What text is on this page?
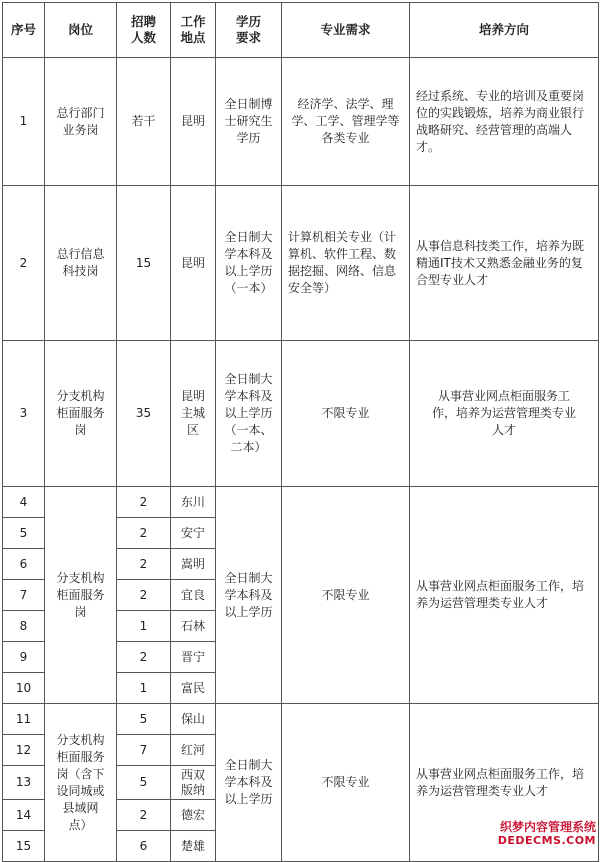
序号	岗位	招聘人数	工作地点	学历要求	专业需求	培养方向
1	总行部门业务岗	若干	昆明	全日制博士研究生学历	经济学、法学、理学、工学、管理学等各类专业	经过系统、专业的培训及重要岗位的实践锻炼，培养为商业银行战略研究、经营管理的高端人才。
2	总行信息科技岗	15	昆明	全日制大学本科及以上学历（一本）	计算机相关专业（计算机、软件工程、数据挖掘、网络、信息安全等）	从事信息科技类工作，培养为既精通IT技术又熟悉金融业务的复合型专业人才
3	分支机构柜面服务岗	35	昆明主城区	全日制大学本科及以上学历（一本、二本）	不限专业	从事营业网点柜面服务工作，培养为运营管理类专业人才
4	分支机构柜面服务岗	2	东川	全日制大学本科及以上学历	不限专业	从事营业网点柜面服务工作，培养为运营管理类专业人才
5		2	安宁			
6		2	嵩明			
7		2	宜良			
8		1	石林			
9		2	晋宁			
10		1	富民			
11	分支机构柜面服务岗（含下设同城或县域网点）	5	保山	全日制大学本科及以上学历	不限专业	从事营业网点柜面服务工作，培养为运营管理类专业人才
12		7	红河			
13		5	西双版纳			
14		2	德宏			
15		6	楚雄			
织梦内容管理系统
DEDECMS.COM
